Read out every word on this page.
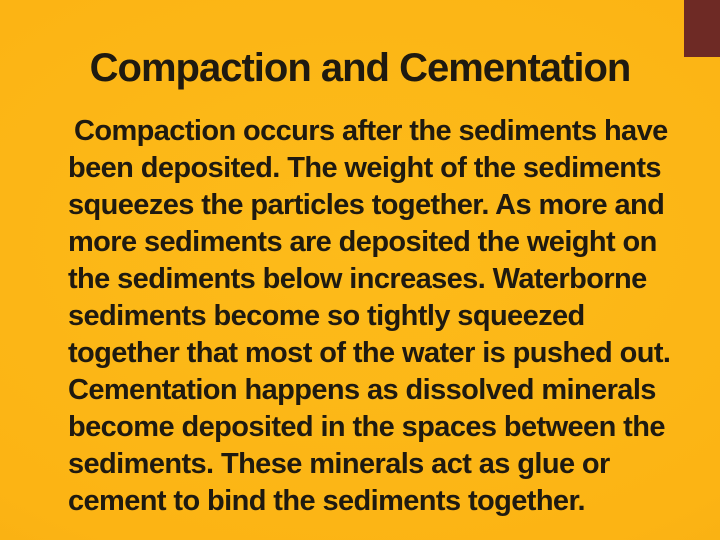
Compaction and Cementation
Compaction occurs after the sediments have
been deposited. The weight of the sediments
squeezes the particles together. As more and
more sediments are deposited the weight on
the sediments below increases. Waterborne
sediments become so tightly squeezed
together that most of the water is pushed out.
Cementation happens as dissolved minerals
become deposited in the spaces between the
sediments. These minerals act as glue or
cement to bind the sediments together.
